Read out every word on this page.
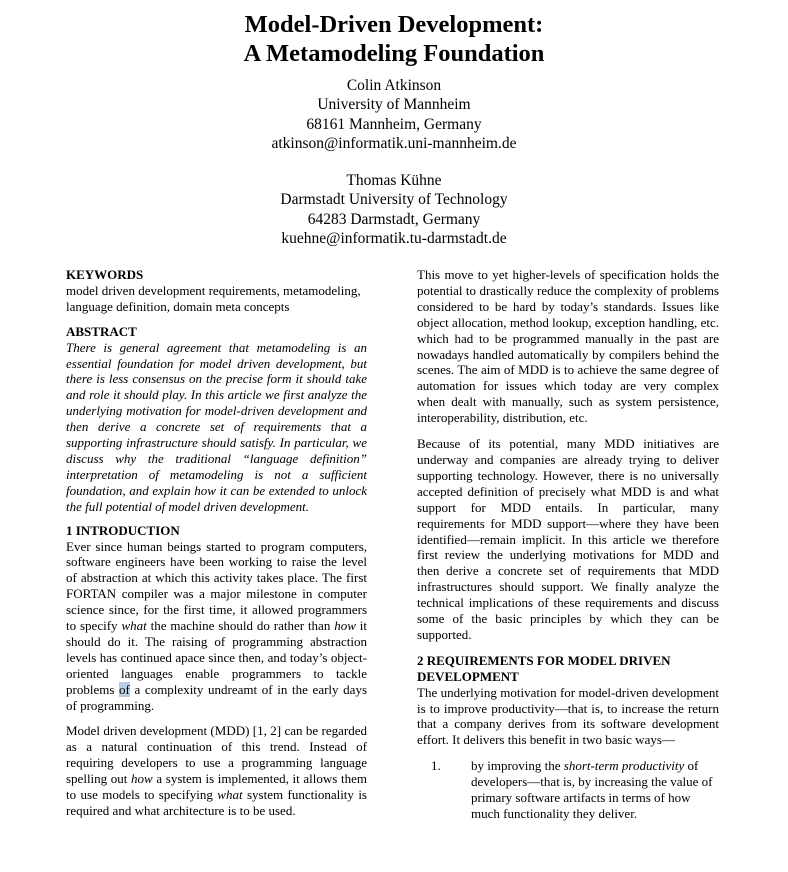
Model-Driven Development:
A Metamodeling Foundation
Colin Atkinson
University of Mannheim
68161 Mannheim, Germany
atkinson@informatik.uni-mannheim.de
Thomas Kühne
Darmstadt University of Technology
64283 Darmstadt, Germany
kuehne@informatik.tu-darmstadt.de

KEYWORDS

model driven development requirements, metamodeling, language definition, domain meta concepts

ABSTRACT

There is general agreement that metamodeling is an essential foundation for model driven development, but there is less consensus on the precise form it should take and role it should play. In this article we first analyze the underlying motivation for model-driven development and then derive a concrete set of requirements that a supporting infrastructure should satisfy. In particular, we discuss why the traditional “language definition” interpretation of metamodeling is not a sufficient foundation, and explain how it can be extended to unlock the full potential of model driven development.

1 INTRODUCTION

Ever since human beings started to program computers, software engineers have been working to raise the level of abstraction at which this activity takes place. The first FORTAN compiler was a major milestone in computer science since, for the first time, it allowed programmers to specify what the machine should do rather than how it should do it. The raising of programming abstraction levels has continued apace since then, and today’s object-oriented languages enable programmers to tackle problems of a complexity undreamt of in the early days of programming.

Model driven development (MDD) [1, 2] can be regarded as a natural continuation of this trend. Instead of requiring developers to use a programming language spelling out how a system is implemented, it allows them to use models to specifying what system functionality is required and what architecture is to be used.

This move to yet higher-levels of specification holds the potential to drastically reduce the complexity of problems considered to be hard by today’s standards. Issues like object allocation, method lookup, exception handling, etc. which had to be programmed manually in the past are nowadays handled automatically by compilers behind the scenes. The aim of MDD is to achieve the same degree of automation for issues which today are very complex when dealt with manually, such as system persistence, interoperability, distribution, etc.

Because of its potential, many MDD initiatives are underway and companies are already trying to deliver supporting technology. However, there is no universally accepted definition of precisely what MDD is and what support for MDD entails. In particular, many requirements for MDD support—where they have been identified—remain implicit. In this article we therefore first review the underlying motivations for MDD and then derive a concrete set of requirements that MDD infrastructures should support. We finally analyze the technical implications of these requirements and discuss some of the basic principles by which they can be supported.

2 REQUIREMENTS FOR MODEL DRIVEN DEVELOPMENT

The underlying motivation for model-driven development is to improve productivity—that is, to increase the return that a company derives from its software development effort. It delivers this benefit in two basic ways—

1.	by improving the short-term productivity of developers—that is, by increasing the value of primary software artifacts in terms of how much functionality they deliver.
